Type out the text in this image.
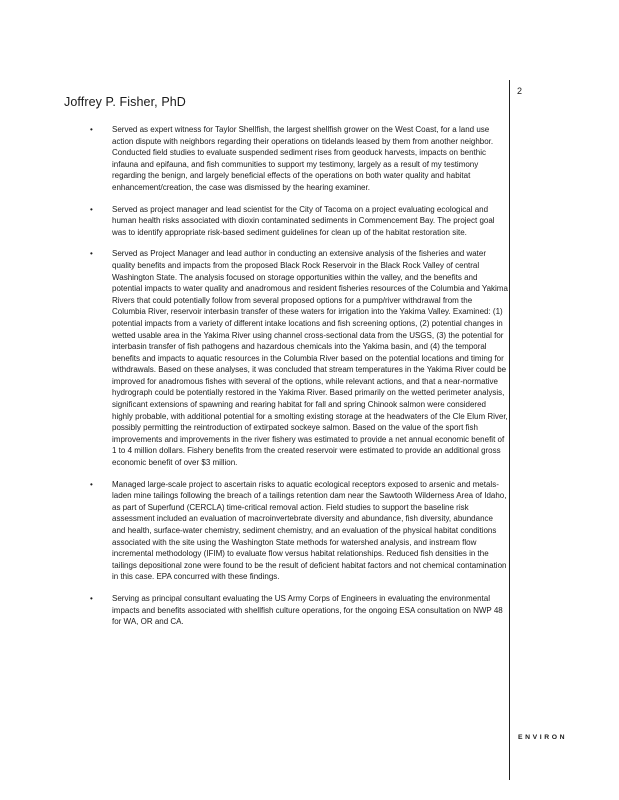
2
Joffrey P. Fisher, PhD
• Served as expert witness for Taylor Shellfish, the largest shellfish grower on the West Coast, for a land use action dispute with neighbors regarding their operations on tidelands leased by them from another neighbor. Conducted field studies to evaluate suspended sediment rises from geoduck harvests, impacts on benthic infauna and epifauna, and fish communities to support my testimony, largely as a result of my testimony regarding the benign, and largely beneficial effects of the operations on both water quality and habitat enhancement/creation, the case was dismissed by the hearing examiner.
• Served as project manager and lead scientist for the City of Tacoma on a project evaluating ecological and human health risks associated with dioxin contaminated sediments in Commencement Bay. The project goal was to identify appropriate risk-based sediment guidelines for clean up of the habitat restoration site.
• Served as Project Manager and lead author in conducting an extensive analysis of the fisheries and water quality benefits and impacts from the proposed Black Rock Reservoir in the Black Rock Valley of central Washington State. The analysis focused on storage opportunities within the valley, and the benefits and potential impacts to water quality and anadromous and resident fisheries resources of the Columbia and Yakima Rivers that could potentially follow from several proposed options for a pump/river withdrawal from the Columbia River, reservoir interbasin transfer of these waters for irrigation into the Yakima Valley. Examined: (1) potential impacts from a variety of different intake locations and fish screening options, (2) potential changes in wetted usable area in the Yakima River using channel cross-sectional data from the USGS, (3) the potential for interbasin transfer of fish pathogens and hazardous chemicals into the Yakima basin, and (4) the temporal benefits and impacts to aquatic resources in the Columbia River based on the potential locations and timing for withdrawals. Based on these analyses, it was concluded that stream temperatures in the Yakima River could be improved for anadromous fishes with several of the options, while relevant actions, and that a near-normative hydrograph could be potentially restored in the Yakima River. Based primarily on the wetted perimeter analysis, significant extensions of spawning and rearing habitat for fall and spring Chinook salmon were considered highly probable, with additional potential for a smolting existing storage at the headwaters of the Cle Elum River, possibly permitting the reintroduction of extirpated sockeye salmon. Based on the value of the sport fish improvements and improvements in the river fishery was estimated to provide a net annual economic benefit of 1 to 4 million dollars. Fishery benefits from the created reservoir were estimated to provide an additional gross economic benefit of over $3 million.
• Managed large-scale project to ascertain risks to aquatic ecological receptors exposed to arsenic and metals-laden mine tailings following the breach of a tailings retention dam near the Sawtooth Wilderness Area of Idaho, as part of Superfund (CERCLA) time-critical removal action. Field studies to support the baseline risk assessment included an evaluation of macroinvertebrate diversity and abundance, fish diversity, abundance and health, surface-water chemistry, sediment chemistry, and an evaluation of the physical habitat conditions associated with the site using the Washington State methods for watershed analysis, and instream flow incremental methodology (IFIM) to evaluate flow versus habitat relationships. Reduced fish densities in the tailings depositional zone were found to be the result of deficient habitat factors and not chemical contamination in this case. EPA concurred with these findings.
• Serving as principal consultant evaluating the US Army Corps of Engineers in evaluating the environmental impacts and benefits associated with shellfish culture operations, for the ongoing ESA consultation on NWP 48 for WA, OR and CA.
ENVIRON
